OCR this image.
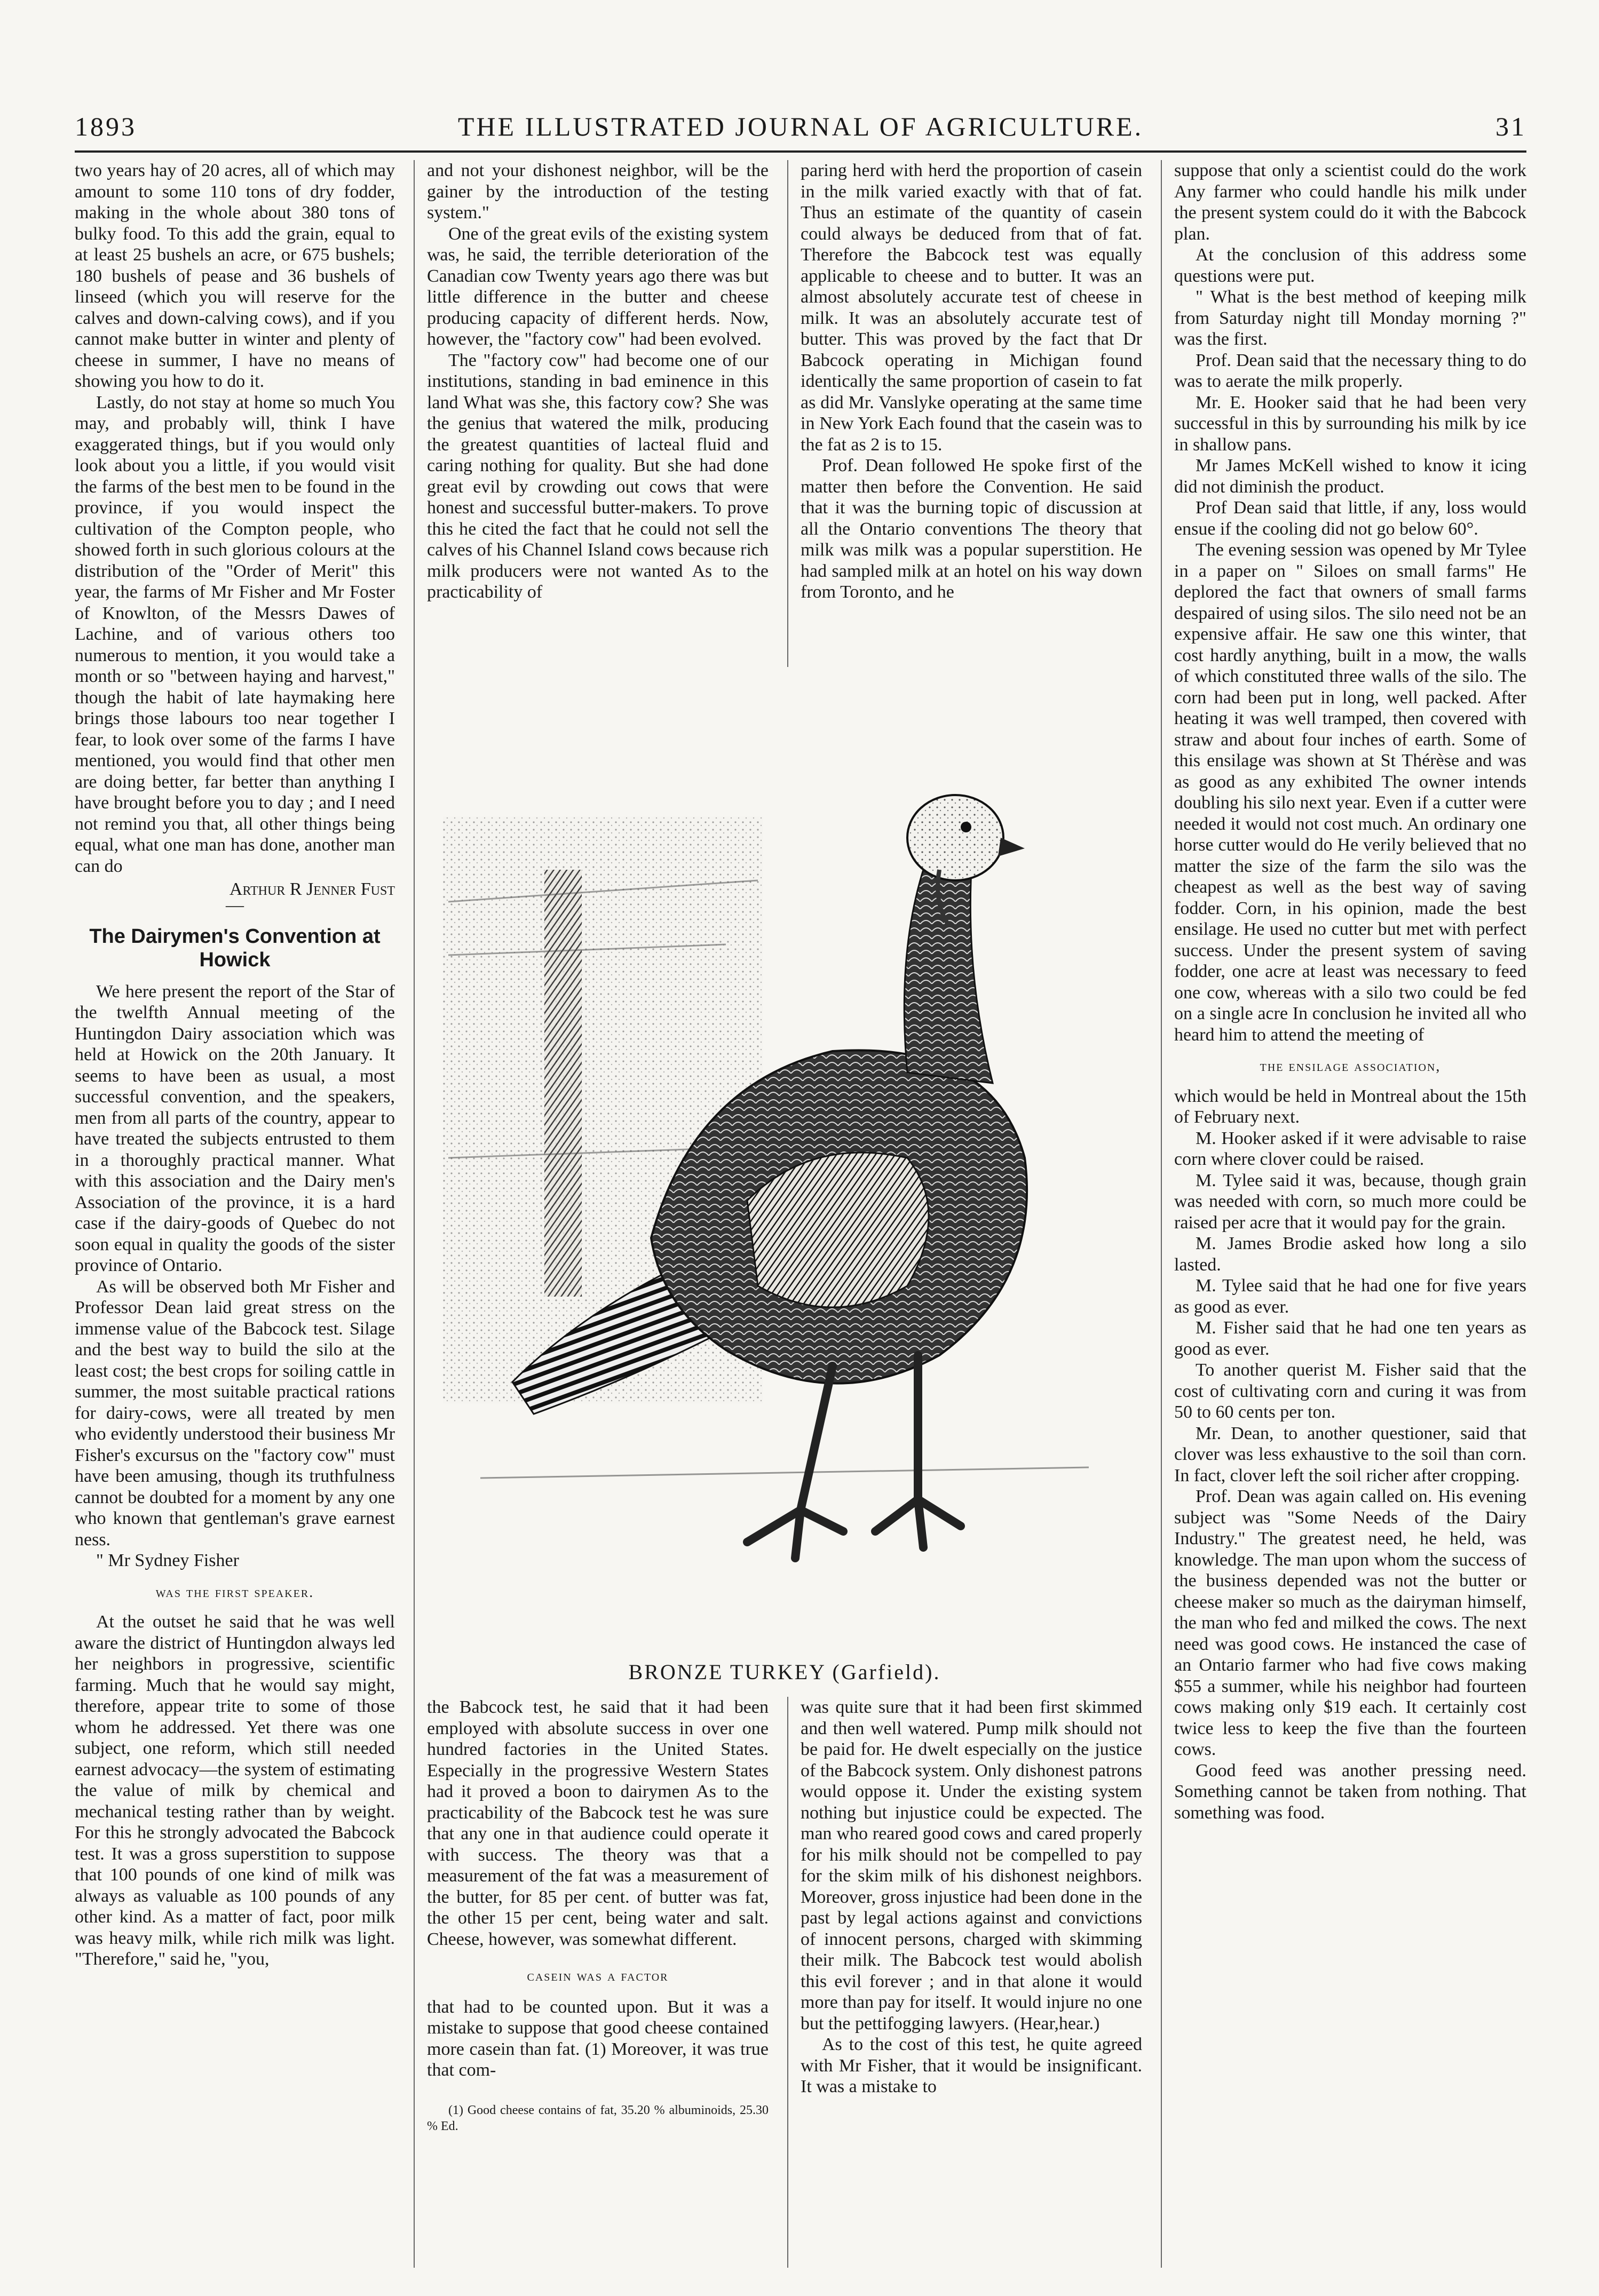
1893	THE ILLUSTRATED JOURNAL OF AGRICULTURE.	31

two years hay of 20 acres, all of which may amount to some 110 tons of dry fodder, making in the whole about 380 tons of bulky food. To this add the grain, equal to at least 25 bushels an acre, or 675 bushels; 180 bushels of pease and 36 bushels of linseed (which you will reserve for the calves and down-calving cows), and if you cannot make butter in winter and plenty of cheese in summer, I have no means of showing you how to do it.

Lastly, do not stay at home so much You may, and probably will, think I have exaggerated things, but if you would only look about you a little, if you would visit the farms of the best men to be found in the province, if you would inspect the cultivation of the Compton people, who showed forth in such glorious colours at the distribution of the "Order of Merit" this year, the farms of Mr Fisher and Mr Foster of Knowlton, of the Messrs Dawes of Lachine, and of various others too numerous to mention, it you would take a month or so "between haying and harvest," though the habit of late haymaking here brings those labours too near together I fear, to look over some of the farms I have mentioned, you would find that other men are doing better, far better than anything I have brought before you to day ; and I need not remind you that, all other things being equal, what one man has done, another man can do

Arthur R Jenner Fust

—

The Dairymen's Convention at Howick

We here present the report of the Star of the twelfth Annual meeting of the Huntingdon Dairy association which was held at Howick on the 20th January. It seems to have been as usual, a most successful convention, and the speakers, men from all parts of the country, appear to have treated the subjects entrusted to them in a thoroughly practical manner. What with this association and the Dairy men's Association of the province, it is a hard case if the dairy-goods of Quebec do not soon equal in quality the goods of the sister province of Ontario.

As will be observed both Mr Fisher and Professor Dean laid great stress on the immense value of the Babcock test. Silage and the best way to build the silo at the least cost; the best crops for soiling cattle in summer, the most suitable practical rations for dairy-cows, were all treated by men who evidently understood their business Mr Fisher's excursus on the "factory cow" must have been amusing, though its truthfulness cannot be doubted for a moment by any one who known that gentleman's grave earnest ness.

" Mr Sydney Fisher

was the first speaker.

At the outset he said that he was well aware the district of Huntingdon always led her neighbors in progressive, scientific farming. Much that he would say might, therefore, appear trite to some of those whom he addressed. Yet there was one subject, one reform, which still needed earnest advocacy—the system of estimating the value of milk by chemical and mechanical testing rather than by weight. For this he strongly advocated the Babcock test. It was a gross superstition to suppose that 100 pounds of one kind of milk was always as valuable as 100 pounds of any other kind. As a matter of fact, poor milk was heavy milk, while rich milk was light. "Therefore," said he, "you,

and not your dishonest neighbor, will be the gainer by the introduction of the testing system."

One of the great evils of the existing system was, he said, the terrible deterioration of the Canadian cow Twenty years ago there was but little difference in the butter and cheese producing capacity of different herds. Now, however, the "factory cow" had been evolved.

The "factory cow" had become one of our institutions, standing in bad eminence in this land What was she, this factory cow? She was the genius that watered the milk, producing the greatest quantities of lacteal fluid and caring nothing for quality. But she had done great evil by crowding out cows that were honest and successful butter-makers. To prove this he cited the fact that he could not sell the calves of his Channel Island cows because rich milk producers were not wanted As to the practicability of

paring herd with herd the proportion of casein in the milk varied exactly with that of fat. Thus an estimate of the quantity of casein could always be deduced from that of fat. Therefore the Babcock test was equally applicable to cheese and to butter. It was an almost absolutely accurate test of cheese in milk. It was an absolutely accurate test of butter. This was proved by the fact that Dr Babcock operating in Michigan found identically the same proportion of casein to fat as did Mr. Vanslyke operating at the same time in New York Each found that the casein was to the fat as 2 is to 15.

Prof. Dean followed He spoke first of the matter then before the Convention. He said that it was the burning topic of discussion at all the Ontario conventions The theory that milk was milk was a popular superstition. He had sampled milk at an hotel on his way down from Toronto, and he

suppose that only a scientist could do the work Any farmer who could handle his milk under the present system could do it with the Babcock plan.

At the conclusion of this address some questions were put.

" What is the best method of keeping milk from Saturday night till Monday morning ?" was the first.

Prof. Dean said that the necessary thing to do was to aerate the milk properly.

Mr. E. Hooker said that he had been very successful in this by surrounding his milk by ice in shallow pans.

Mr James McKell wished to know it icing did not diminish the product.

Prof Dean said that little, if any, loss would ensue if the cooling did not go below 60°.

The evening session was opened by Mr Tylee in a paper on " Siloes on small farms" He deplored the fact that owners of small farms despaired of using silos. The silo need not be an expensive affair. He saw one this winter, that cost hardly anything, built in a mow, the walls of which constituted three walls of the silo. The corn had been put in long, well packed. After heating it was well tramped, then covered with straw and about four inches of earth. Some of this ensilage was shown at St Thérèse and was as good as any exhibited The owner intends doubling his silo next year. Even if a cutter were needed it would not cost much. An ordinary one horse cutter would do He verily believed that no matter the size of the farm the silo was the cheapest as well as the best way of saving fodder. Corn, in his opinion, made the best ensilage. He used no cutter but met with perfect success. Under the present system of saving fodder, one acre at least was necessary to feed one cow, whereas with a silo two could be fed on a single acre In conclusion he invited all who heard him to attend the meeting of

the ensilage association,

which would be held in Montreal about the 15th of February next.

M. Hooker asked if it were advisable to raise corn where clover could be raised.

M. Tylee said it was, because, though grain was needed with corn, so much more could be raised per acre that it would pay for the grain.

M. James Brodie asked how long a silo lasted.

M. Tylee said that he had one for five years as good as ever.

M. Fisher said that he had one ten years as good as ever.

To another querist M. Fisher said that the cost of cultivating corn and curing it was from 50 to 60 cents per ton.

Mr. Dean, to another questioner, said that clover was less exhaustive to the soil than corn. In fact, clover left the soil richer after cropping.

Prof. Dean was again called on. His evening subject was "Some Needs of the Dairy Industry." The greatest need, he held, was knowledge. The man upon whom the success of the business depended was not the butter or cheese maker so much as the dairyman himself, the man who fed and milked the cows. The next need was good cows. He instanced the case of an Ontario farmer who had five cows making $55 a summer, while his neighbor had fourteen cows making only $19 each. It certainly cost twice less to keep the five than the fourteen cows.

Good feed was another pressing need. Something cannot be taken from nothing. That something was food.

BRONZE TURKEY (Garfield).

the Babcock test, he said that it had been employed with absolute success in over one hundred factories in the United States. Especially in the progressive Western States had it proved a boon to dairymen As to the practicability of the Babcock test he was sure that any one in that audience could operate it with success. The theory was that a measurement of the fat was a measurement of the butter, for 85 per cent. of butter was fat, the other 15 per cent, being water and salt. Cheese, however, was somewhat different.

casein was a factor

that had to be counted upon. But it was a mistake to suppose that good cheese contained more casein than fat. (1) Moreover, it was true that com-

(1) Good cheese contains of fat, 35.20 % albuminoids, 25.30 % Ed.

was quite sure that it had been first skimmed and then well watered. Pump milk should not be paid for. He dwelt especially on the justice of the Babcock system. Only dishonest patrons would oppose it. Under the existing system nothing but injustice could be expected. The man who reared good cows and cared properly for his milk should not be compelled to pay for the skim milk of his dishonest neighbors. Moreover, gross injustice had been done in the past by legal actions against and convictions of innocent persons, charged with skimming their milk. The Babcock test would abolish this evil forever ; and in that alone it would more than pay for itself. It would injure no one but the pettifogging lawyers. (Hear,hear.)

As to the cost of this test, he quite agreed with Mr Fisher, that it would be insignificant. It was a mistake to
